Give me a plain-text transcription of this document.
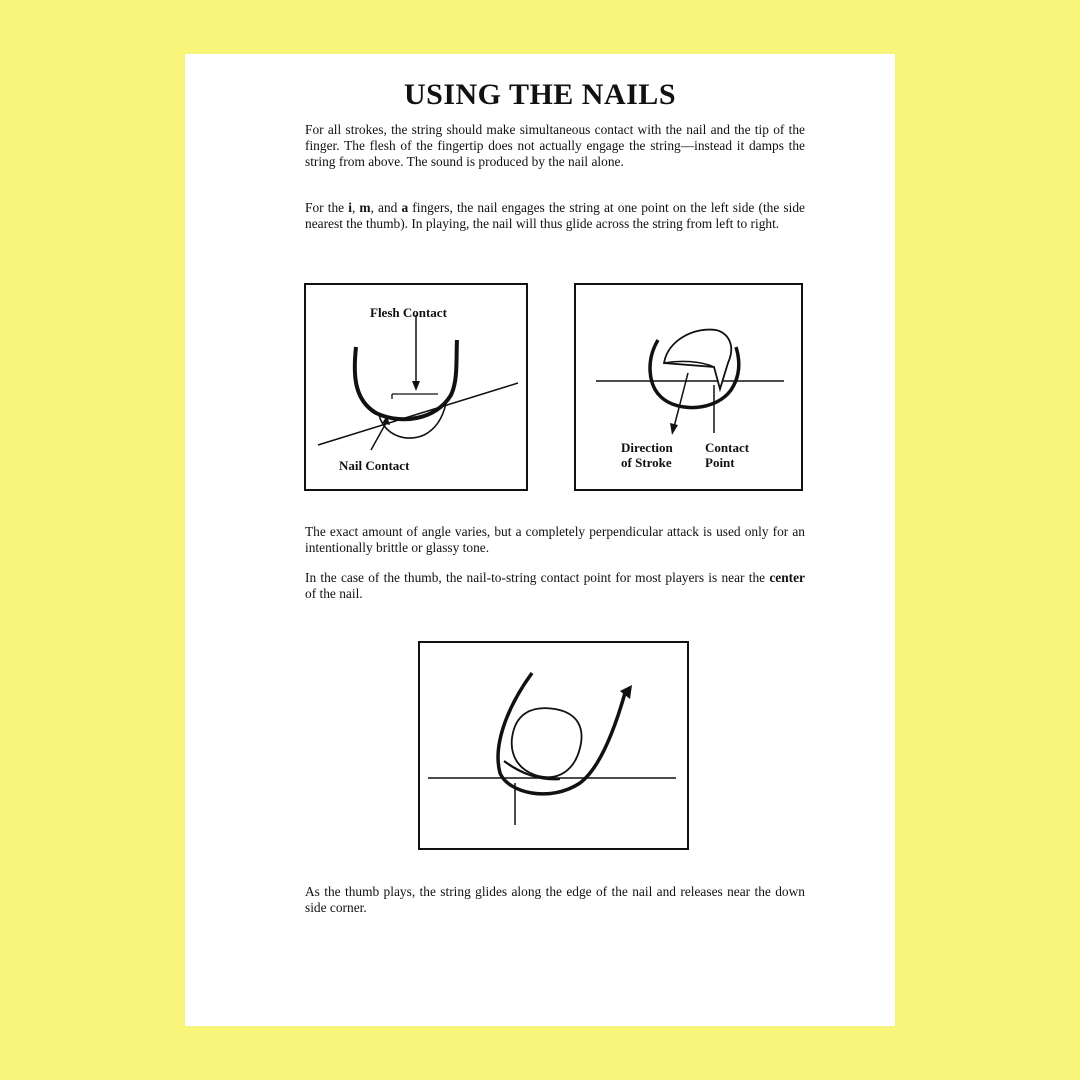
USING THE NAILS
For all strokes, the string should make simultaneous contact with the nail and the tip of the finger. The flesh of the fingertip does not actually engage the string—instead it damps the string from above. The sound is produced by the nail alone.
For the i, m, and a fingers, the nail engages the string at one point on the left side (the side nearest the thumb). In playing, the nail will thus glide across the string from left to right.
Flesh Contact
Nail Contact
Direction
of Stroke
Contact
Point
The exact amount of angle varies, but a completely perpendicular attack is used only for an intentionally brittle or glassy tone.
In the case of the thumb, the nail-to-string contact point for most players is near the center of the nail.
As the thumb plays, the string glides along the edge of the nail and releases near the down side corner.
